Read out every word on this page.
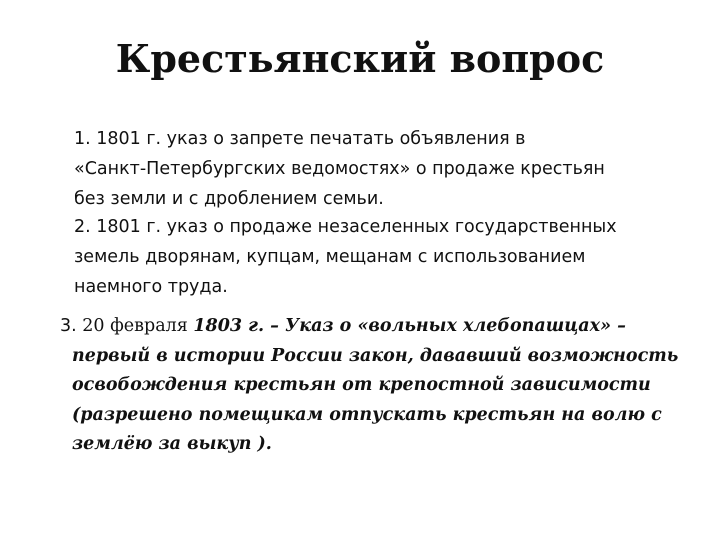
Крестьянский вопрос
1. 1801 г. указ о запрете печатать объявления в
«Санкт-Петербургских ведомостях» о продаже крестьян
без земли и с дроблением семьи.
2. 1801 г. указ о продаже незаселенных государственных
земель дворянам, купцам, мещанам с использованием
наемного труда.
3. 20 февраля 1803 г. – Указ о «вольных хлебопашцах» –
первый в истории России закон, дававший возможность
освобождения крестьян от крепостной зависимости
(разрешено помещикам отпускать крестьян на волю с
землёю за выкуп ).
